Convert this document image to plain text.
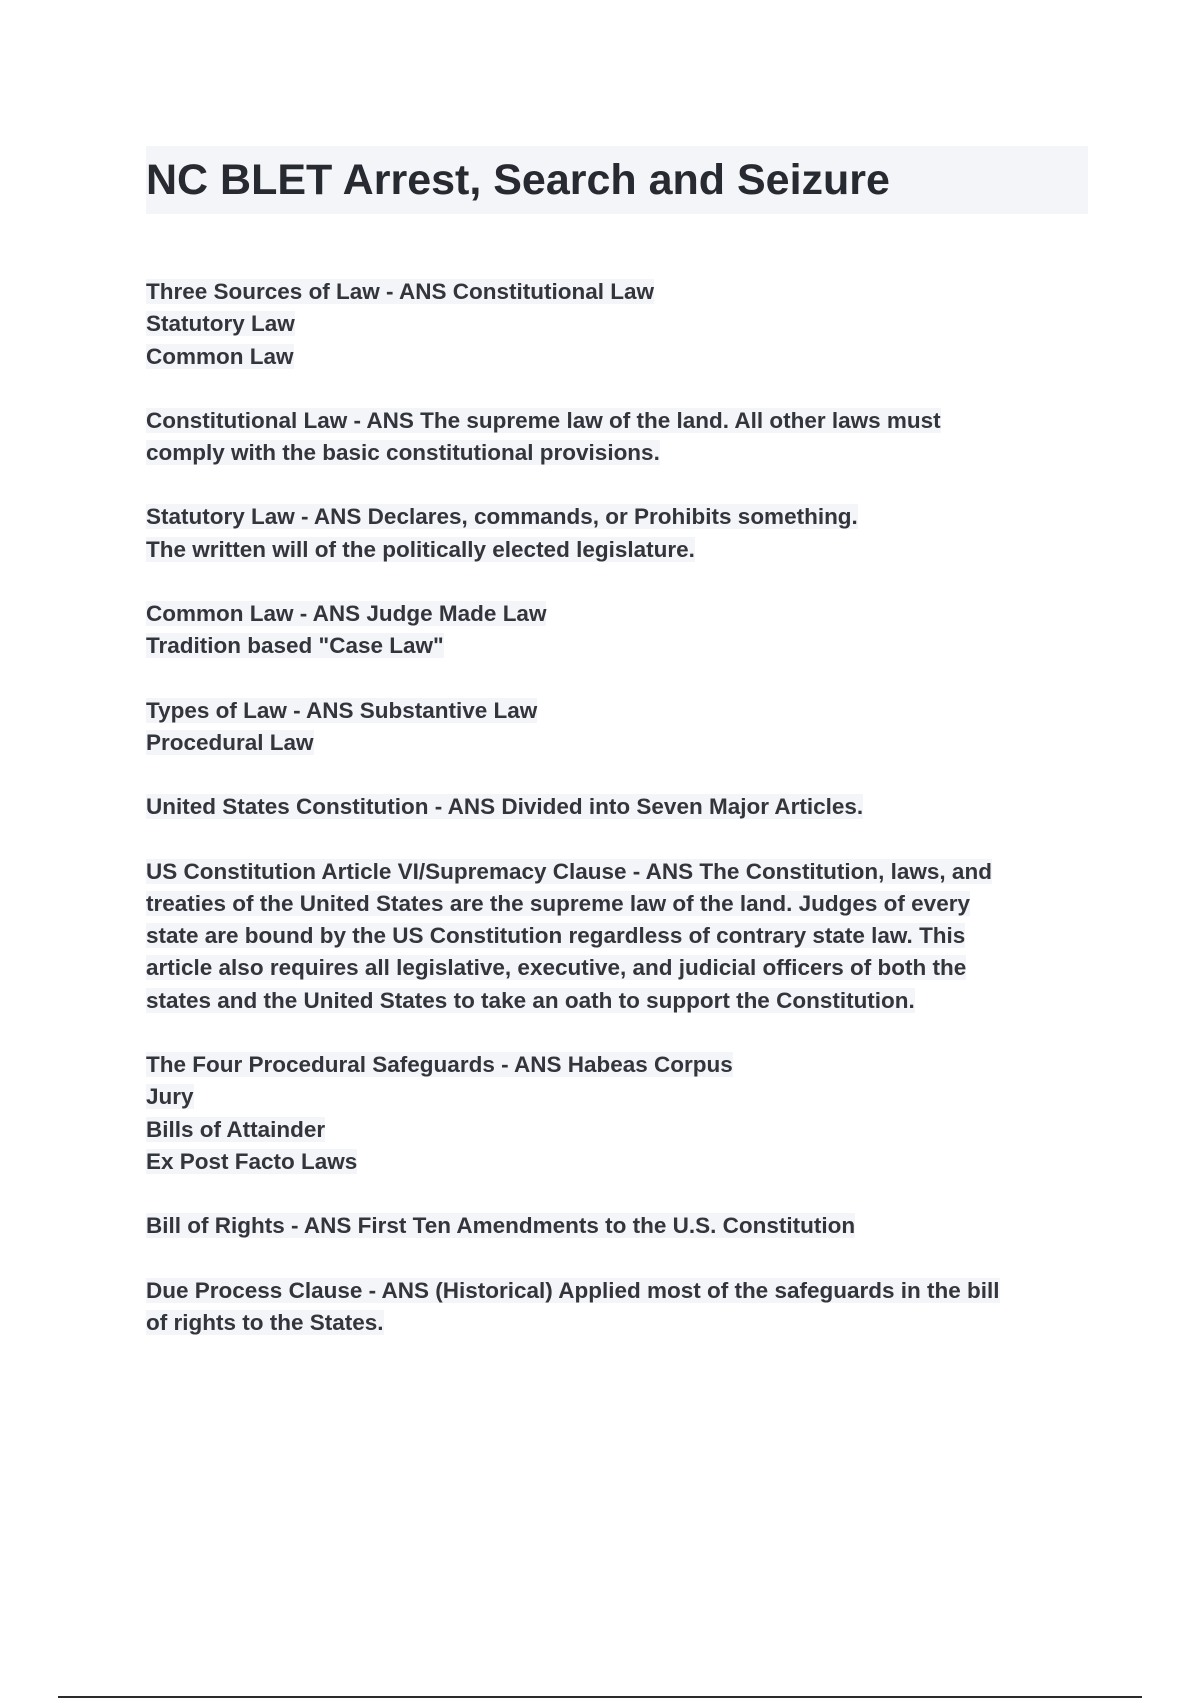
NC BLET Arrest, Search and Seizure
Three Sources of Law - ANS Constitutional Law
Statutory Law
Common Law
Constitutional Law - ANS The supreme law of the land. All other laws must
comply with the basic constitutional provisions.
Statutory Law - ANS Declares, commands, or Prohibits something.
The written will of the politically elected legislature.
Common Law - ANS Judge Made Law
Tradition based "Case Law"
Types of Law - ANS Substantive Law
Procedural Law
United States Constitution - ANS Divided into Seven Major Articles.
US Constitution Article VI/Supremacy Clause - ANS The Constitution, laws, and
treaties of the United States are the supreme law of the land. Judges of every
state are bound by the US Constitution regardless of contrary state law. This
article also requires all legislative, executive, and judicial officers of both the
states and the United States to take an oath to support the Constitution.
The Four Procedural Safeguards - ANS Habeas Corpus
Jury
Bills of Attainder
Ex Post Facto Laws
Bill of Rights - ANS First Ten Amendments to the U.S. Constitution
Due Process Clause - ANS (Historical) Applied most of the safeguards in the bill
of rights to the States.
